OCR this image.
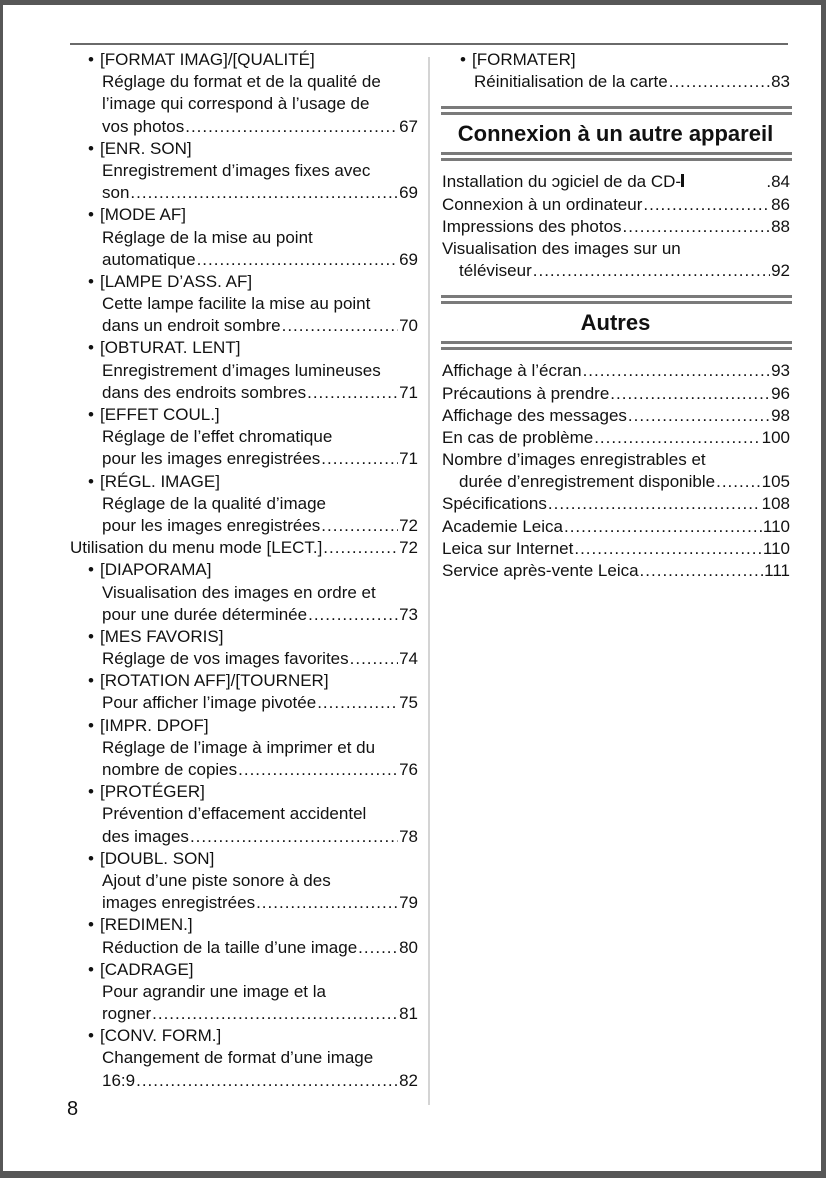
• [FORMAT IMAG]/[QUALITÉ]
Réglage du format et de la qualité de
l’image qui correspond à l’usage de
vos photos .....	67
• [ENR. SON]
Enregistrement d’images fixes avec
son .....	69
• [MODE AF]
Réglage de la mise au point
automatique .....	69
• [LAMPE D’ASS. AF]
Cette lampe facilite la mise au point
dans un endroit sombre .....	70
• [OBTURAT. LENT]
Enregistrement d’images lumineuses
dans des endroits sombres .....	71
• [EFFET COUL.]
Réglage de l’effet chromatique
pour les images enregistrées .....	71
• [RÉGL. IMAGE]
Réglage de la qualité d’image
pour les images enregistrées .....	72
Utilisation du menu mode [LECT.] .....	72
• [DIAPORAMA]
Visualisation des images en ordre et
pour une durée déterminée .....	73
• [MES FAVORIS]
Réglage de vos images favorites .....	74
• [ROTATION AFF]/[TOURNER]
Pour afficher l’image pivotée .....	75
• [IMPR. DPOF]
Réglage de l’image à imprimer et du
nombre de copies .....	76
• [PROTÉGER]
Prévention d’effacement accidentel
des images .....	78
• [DOUBL. SON]
Ajout d’une piste sonore à des
images enregistrées .....	79
• [REDIMEN.]
Réduction de la taille d’une image ..... 80
• [CADRAGE]
Pour agrandir une image et la
rogner .....	81
• [CONV. FORM.]
Changement de format d’une image
16:9 .....	82
• [FORMATER]
Réinitialisation de la carte .....	83
Connexion à un autre appareil
Installation du ɔgiciel de da CD-	.84
Connexion à un ordinateur .....	86
Impressions des photos .....	88
Visualisation des images sur un
téléviseur .....	92
Autres
Affichage à l’écran .....	93
Précautions à prendre .....	96
Affichage des messages .....	98
En cas de problème .....	100
Nombre d’images enregistrables et
durée d’enregistrement disponible .....	105
Spécifications .....	108
Academie Leica .....	110
Leica sur Internet .....	110
Service après-vente Leica .....	111
8
